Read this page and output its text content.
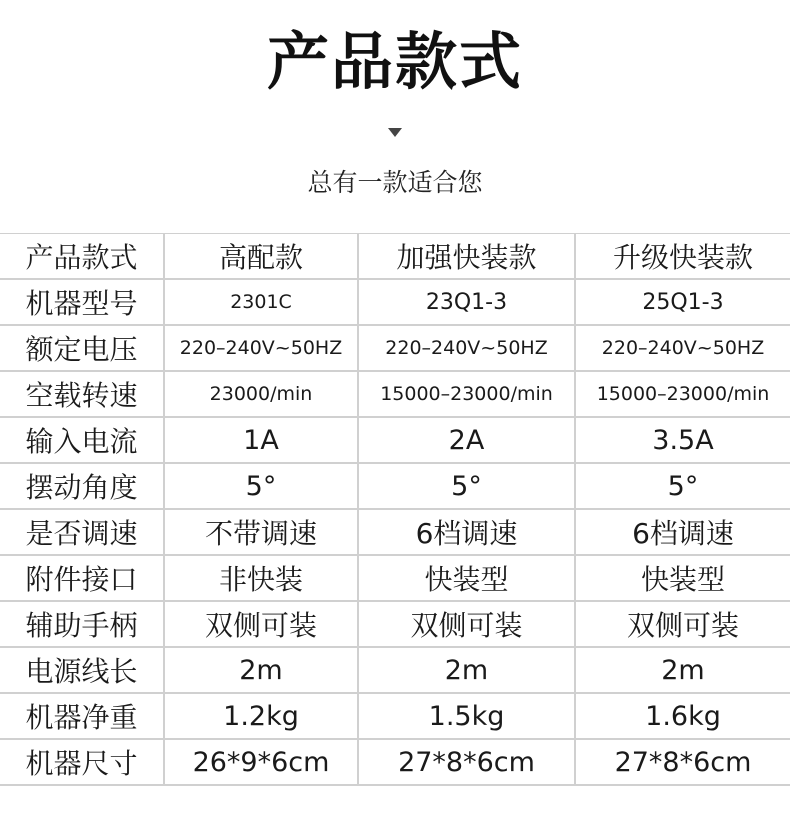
产品款式
总有一款适合您
产品款式	高配款	加强快装款	升级快装款
机器型号	2301C	23Q1-3	25Q1-3
额定电压	220–240V~50HZ	220–240V~50HZ	220–240V~50HZ
空载转速	23000/min	15000–23000/min	15000–23000/min
输入电流	1A	2A	3.5A
摆动角度	5°	5°	5°
是否调速	不带调速	6档调速	6档调速
附件接口	非快装	快装型	快装型
辅助手柄	双侧可装	双侧可装	双侧可装
电源线长	2m	2m	2m
机器净重	1.2kg	1.5kg	1.6kg
机器尺寸	26*9*6cm	27*8*6cm	27*8*6cm
